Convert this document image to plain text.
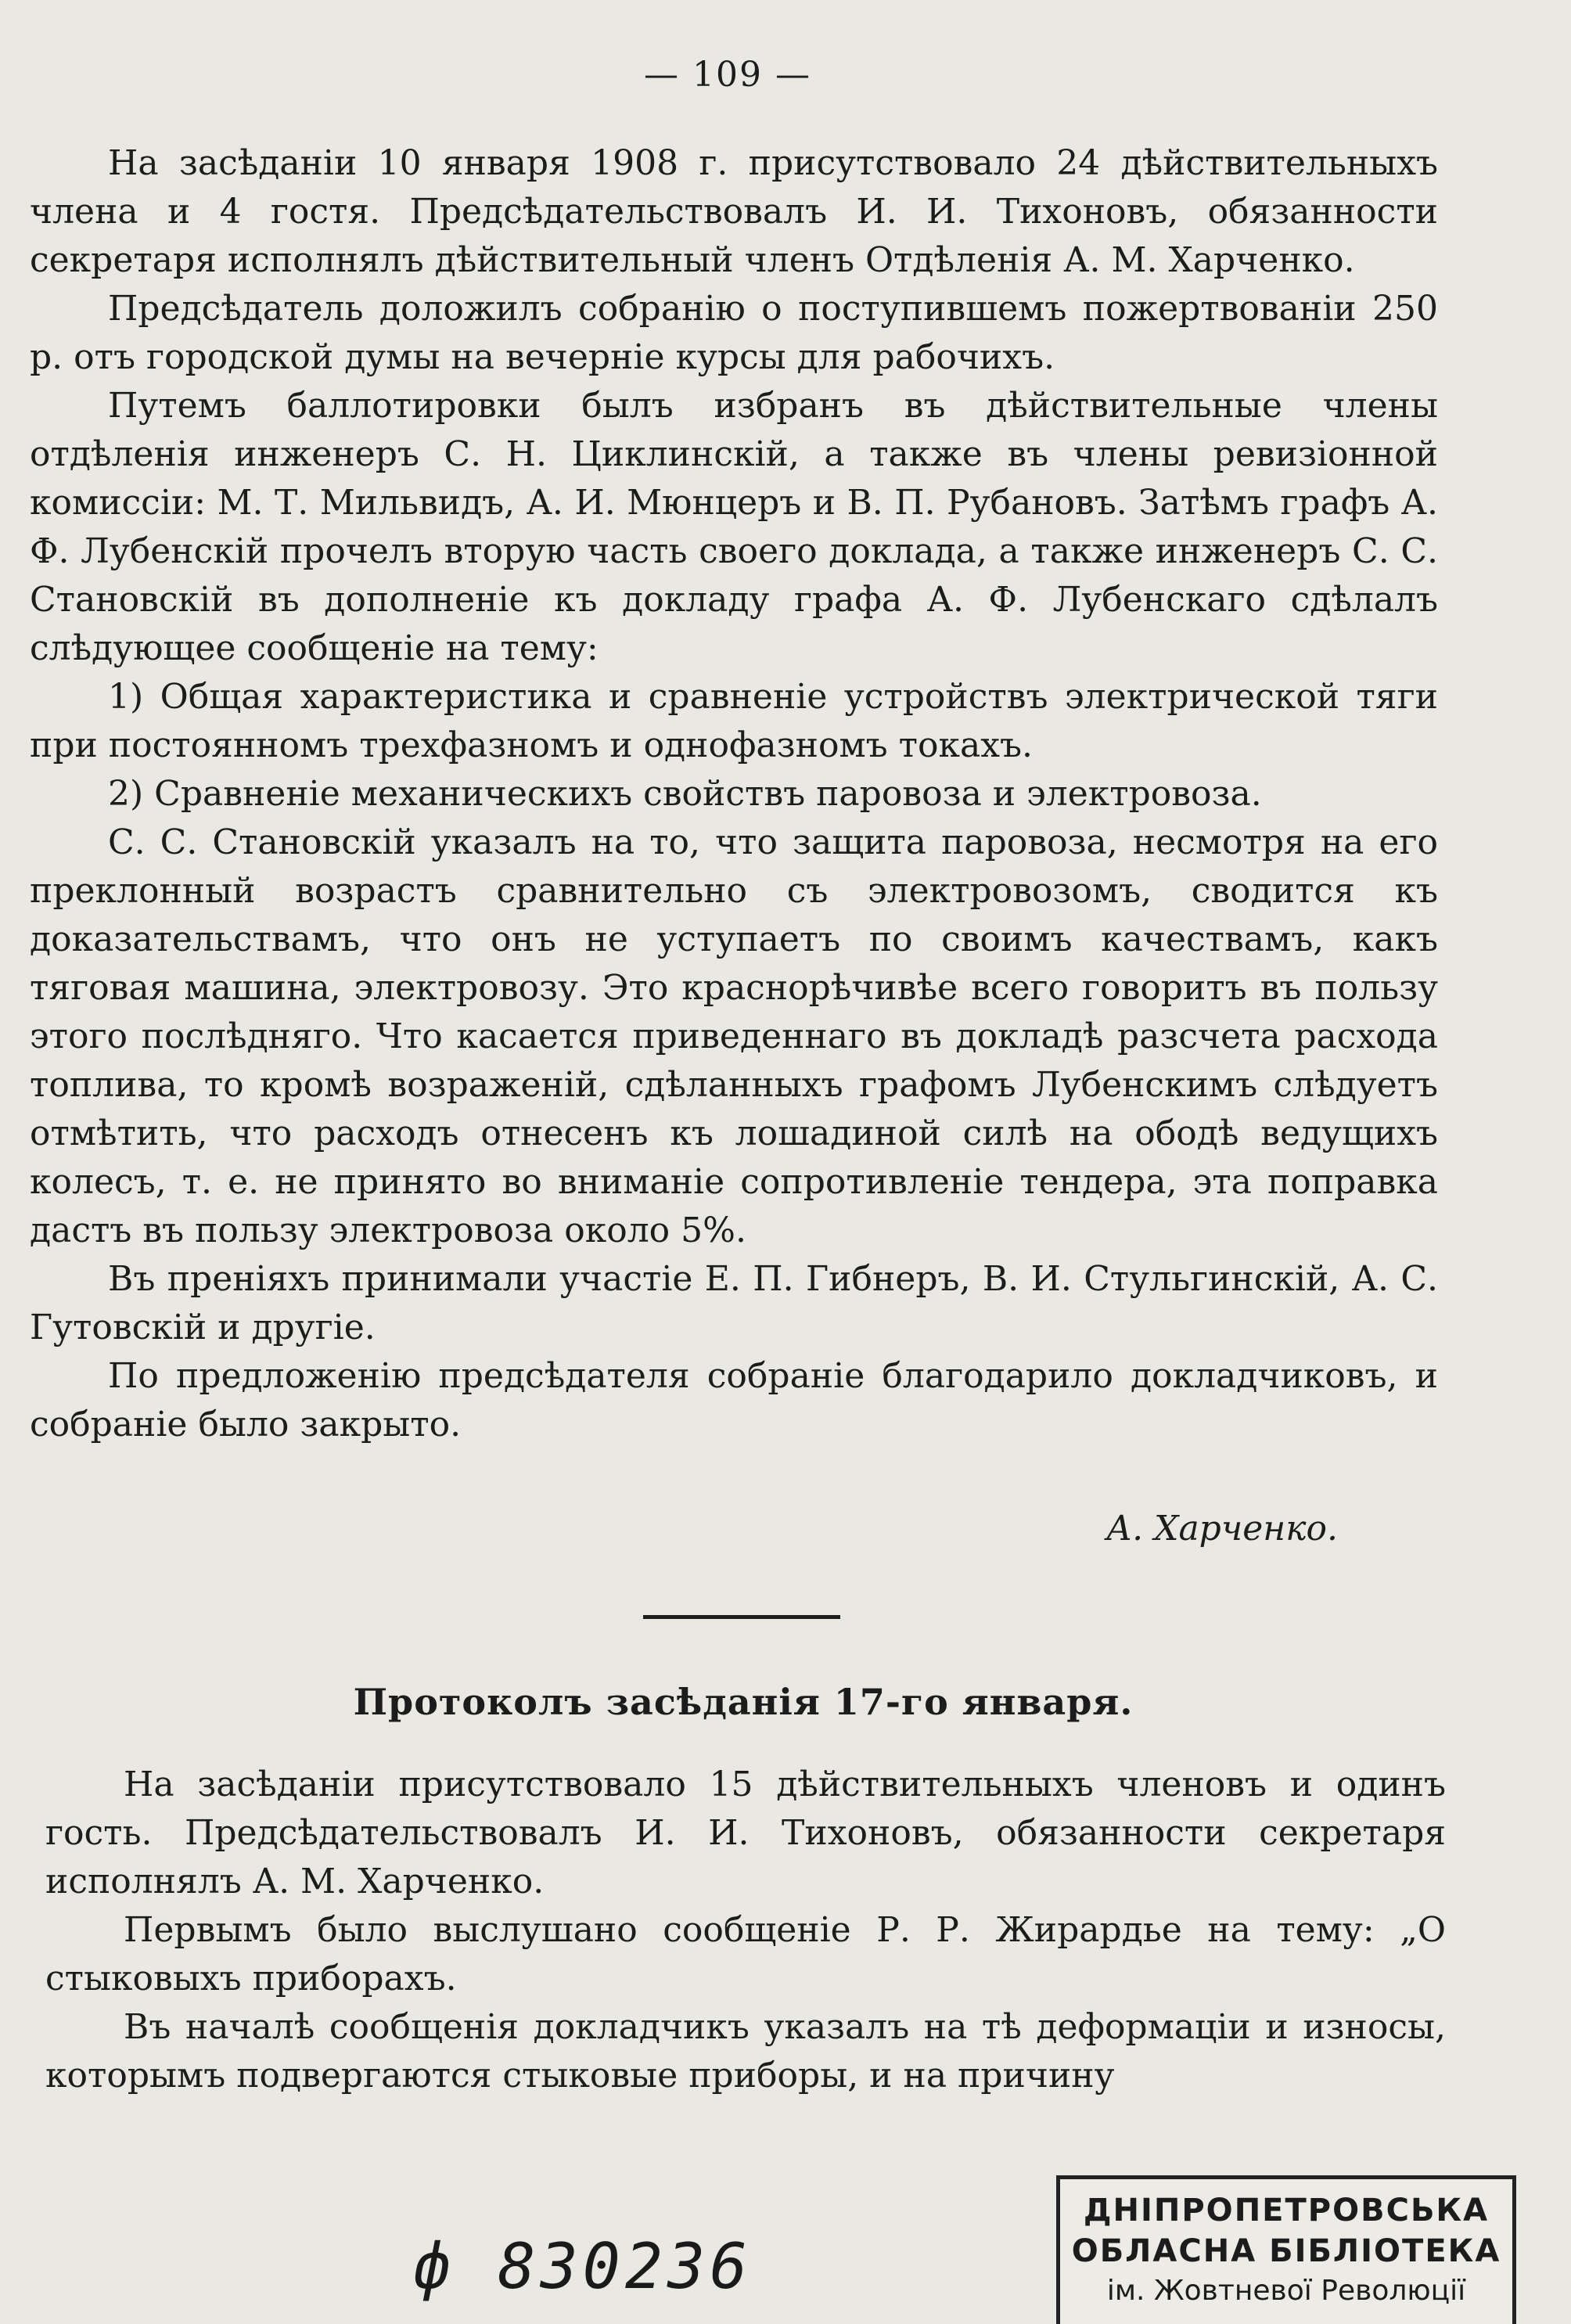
— 109 —

На засѣданіи 10 января 1908 г. присутствовало 24 дѣйствительныхъ члена и 4 гостя. Предсѣдательствовалъ И. И. Тихоновъ, обязанности секретаря исполнялъ дѣйствительный членъ Отдѣленія А. М. Харченко.

Предсѣдатель доложилъ собранію о поступившемъ пожертвованіи 250 р. отъ городской думы на вечерніе курсы для рабочихъ.

Путемъ баллотировки былъ избранъ въ дѣйствительные члены отдѣленія инженеръ С. Н. Циклинскій, а также въ члены ревизіонной комиссіи: М. Т. Мильвидъ, А. И. Мюнцеръ и В. П. Рубановъ. Затѣмъ графъ А. Ф. Лубенскій прочелъ вторую часть своего доклада, а также инженеръ С. С. Становскій въ дополненіе къ докладу графа А. Ф. Лубенскаго сдѣлалъ слѣдующее сообщеніе на тему:

1) Общая характеристика и сравненіе устройствъ электрической тяги при постоянномъ трехфазномъ и однофазномъ токахъ.

2) Сравненіе механическихъ свойствъ паровоза и электровоза.

С. С. Становскій указалъ на то, что защита паровоза, несмотря на его преклонный возрастъ сравнительно съ электровозомъ, сводится къ доказательствамъ, что онъ не уступаетъ по своимъ качествамъ, какъ тяговая машина, электровозу. Это краснорѣчивѣе всего говоритъ въ пользу этого послѣдняго. Что касается приведеннаго въ докладѣ разсчета расхода топлива, то кромѣ возраженій, сдѣланныхъ графомъ Лубенскимъ слѣдуетъ отмѣтить, что расходъ отнесенъ къ лошадиной силѣ на ободѣ ведущихъ колесъ, т. е. не принято во вниманіе сопротивленіе тендера, эта поправка дастъ въ пользу электровоза около 5%.

Въ преніяхъ принимали участіе Е. П. Гибнеръ, В. И. Стульгинскій, А. С. Гутовскій и другіе.

По предложенію предсѣдателя собраніе благодарило докладчиковъ, и собраніе было закрыто.

А. Харченко.
Протоколъ засѣданія 17-го января.

На засѣданіи присутствовало 15 дѣйствительныхъ членовъ и одинъ гость. Предсѣдательствовалъ И. И. Тихоновъ, обязанности секретаря исполнялъ А. М. Харченко.

Первымъ было выслушано сообщеніе Р. Р. Жирардье на тему: „О стыковыхъ приборахъ.

Въ началѣ сообщенія докладчикъ указалъ на тѣ деформаціи и износы, которымъ подвергаются стыковые приборы, и на причину

ф 830236
ДНІПРОПЕТРОВСЬКА
ОБЛАСНА БІБЛІОТЕКА
ім. Жовтневої Революції
